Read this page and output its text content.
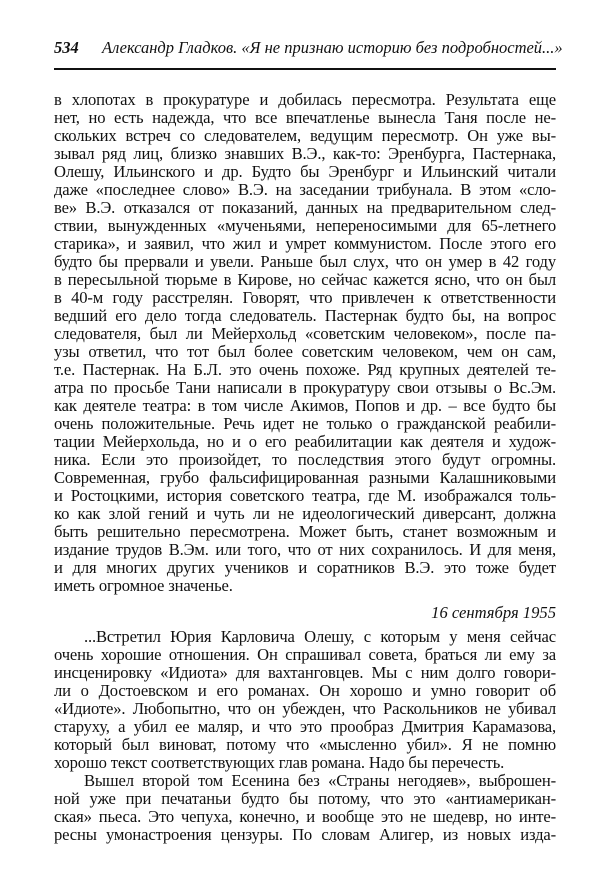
534 Александр Гладков. «Я не признаю историю без подробностей...»
в хлопотах в прокуратуре и добилась пересмотра. Результата еще
нет, но есть надежда, что все впечатленье вынесла Таня после не-
скольких встреч со следователем, ведущим пересмотр. Он уже вы-
зывал ряд лиц, близко знавших В.Э., как-то: Эренбурга, Пастернака,
Олешу, Ильинского и др. Будто бы Эренбург и Ильинский читали
даже «последнее слово» В.Э. на заседании трибунала. В этом «сло-
ве» В.Э. отказался от показаний, данных на предварительном след-
ствии, вынужденных «мученьями, непереносимыми для 65-летнего
старика», и заявил, что жил и умрет коммунистом. После этого его
будто бы прервали и увели. Раньше был слух, что он умер в 42 году
в пересыльной тюрьме в Кирове, но сейчас кажется ясно, что он был
в 40-м году расстрелян. Говорят, что привлечен к ответственности
ведший его дело тогда следователь. Пастернак будто бы, на вопрос
следователя, был ли Мейерхольд «советским человеком», после па-
узы ответил, что тот был более советским человеком, чем он сам,
т.е. Пастернак. На Б.Л. это очень похоже. Ряд крупных деятелей те-
атра по просьбе Тани написали в прокуратуру свои отзывы о Вс.Эм.
как деятеле театра: в том числе Акимов, Попов и др. – все будто бы
очень положительные. Речь идет не только о гражданской реабили-
тации Мейерхольда, но и о его реабилитации как деятеля и худож-
ника. Если это произойдет, то последствия этого будут огромны.
Современная, грубо фальсифицированная разными Калашниковыми
и Ростоцкими, история советского театра, где М. изображался толь-
ко как злой гений и чуть ли не идеологический диверсант, должна
быть решительно пересмотрена. Может быть, станет возможным и
издание трудов В.Эм. или того, что от них сохранилось. И для меня,
и для многих других учеников и соратников В.Э. это тоже будет
иметь огромное значенье.
16 сентября 1955
...Встретил Юрия Карловича Олешу, с которым у меня сейчас
очень хорошие отношения. Он спрашивал совета, браться ли ему за
инсценировку «Идиота» для вахтанговцев. Мы с ним долго говори-
ли о Достоевском и его романах. Он хорошо и умно говорит об
«Идиоте». Любопытно, что он убежден, что Раскольников не убивал
старуху, а убил ее маляр, и что это прообраз Дмитрия Карамазова,
который был виноват, потому что «мысленно убил». Я не помню
хорошо текст соответствующих глав романа. Надо бы перечесть.
Вышел второй том Есенина без «Страны негодяев», выброшен-
ной уже при печатаньи будто бы потому, что это «антиамерикан-
ская» пьеса. Это чепуха, конечно, и вообще это не шедевр, но инте-
ресны умонастроения цензуры. По словам Алигер, из новых изда-
